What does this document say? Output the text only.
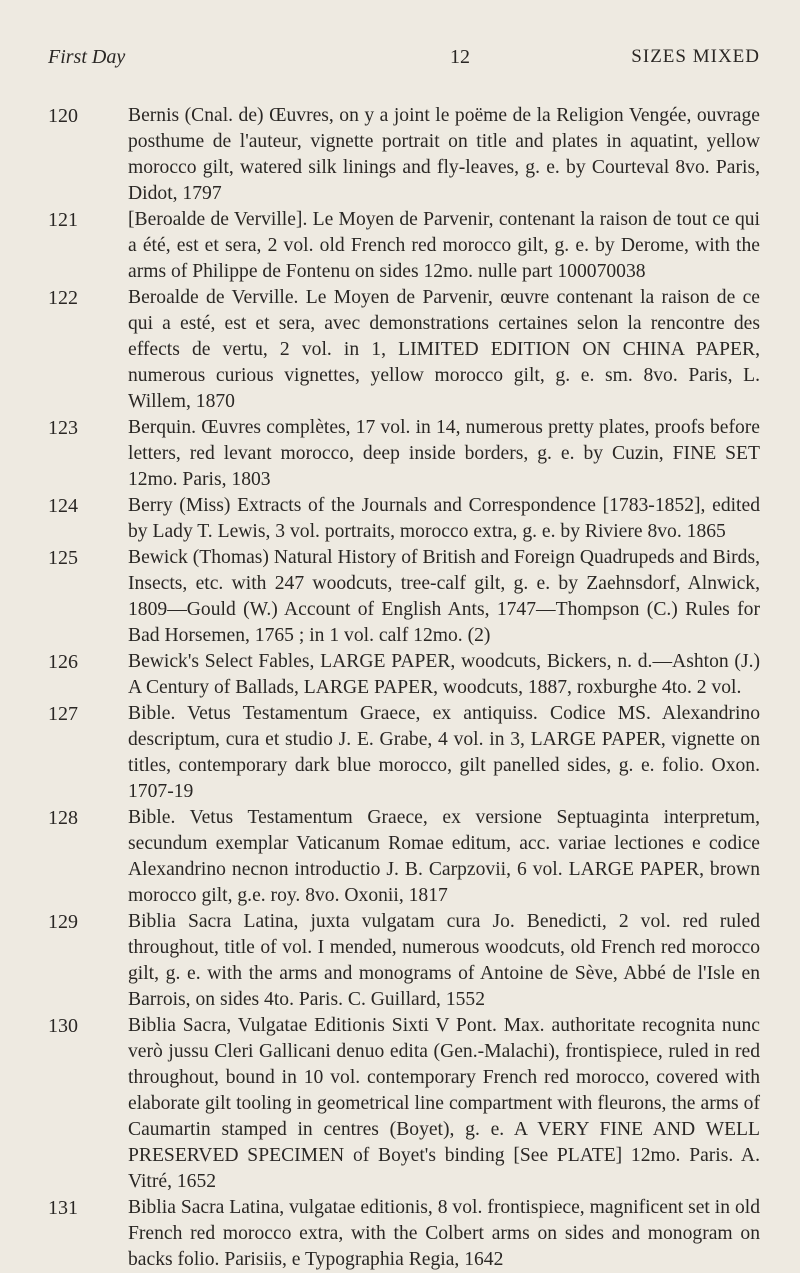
First Day	12	SIZES MIXED
120	Bernis (Cnal. de) Œuvres, on y a joint le poëme de la Religion Vengée, ouvrage posthume de l'auteur, vignette portrait on title and plates in aquatint, yellow morocco gilt, watered silk linings and fly-leaves, g. e. by Courteval 8vo. Paris, Didot, 1797
121	[Beroalde de Verville]. Le Moyen de Parvenir, contenant la raison de tout ce qui a été, est et sera, 2 vol. old French red morocco gilt, g. e. by Derome, with the arms of Philippe de Fontenu on sides 12mo. nulle part 100070038
122	Beroalde de Verville. Le Moyen de Parvenir, œuvre contenant la raison de ce qui a esté, est et sera, avec demonstrations certaines selon la rencontre des effects de vertu, 2 vol. in 1, LIMITED EDITION ON CHINA PAPER, numerous curious vignettes, yellow morocco gilt, g. e. sm. 8vo. Paris, L. Willem, 1870
123	Berquin. Œuvres complètes, 17 vol. in 14, numerous pretty plates, proofs before letters, red levant morocco, deep inside borders, g. e. by Cuzin, FINE SET 12mo. Paris, 1803
124	Berry (Miss) Extracts of the Journals and Correspondence [1783-1852], edited by Lady T. Lewis, 3 vol. portraits, morocco extra, g. e. by Riviere 8vo. 1865
125	Bewick (Thomas) Natural History of British and Foreign Quadrupeds and Birds, Insects, etc. with 247 woodcuts, tree-calf gilt, g. e. by Zaehnsdorf, Alnwick, 1809—Gould (W.) Account of English Ants, 1747—Thompson (C.) Rules for Bad Horsemen, 1765 ; in 1 vol. calf 12mo. (2)
126	Bewick's Select Fables, LARGE PAPER, woodcuts, Bickers, n. d.—Ashton (J.) A Century of Ballads, LARGE PAPER, woodcuts, 1887, roxburghe 4to. 2 vol.
127	Bible. Vetus Testamentum Graece, ex antiquiss. Codice MS. Alexandrino descriptum, cura et studio J. E. Grabe, 4 vol. in 3, LARGE PAPER, vignette on titles, contemporary dark blue morocco, gilt panelled sides, g. e. folio. Oxon. 1707-19
128	Bible. Vetus Testamentum Graece, ex versione Septuaginta interpretum, secundum exemplar Vaticanum Romae editum, acc. variae lectiones e codice Alexandrino necnon introductio J. B. Carpzovii, 6 vol. LARGE PAPER, brown morocco gilt, g.e. roy. 8vo. Oxonii, 1817
129	Biblia Sacra Latina, juxta vulgatam cura Jo. Benedicti, 2 vol. red ruled throughout, title of vol. I mended, numerous woodcuts, old French red morocco gilt, g. e. with the arms and monograms of Antoine de Sève, Abbé de l'Isle en Barrois, on sides 4to. Paris. C. Guillard, 1552
130	Biblia Sacra, Vulgatae Editionis Sixti V Pont. Max. authoritate recognita nunc verò jussu Cleri Gallicani denuo edita (Gen.-Malachi), frontispiece, ruled in red throughout, bound in 10 vol. contemporary French red morocco, covered with elaborate gilt tooling in geometrical line compartment with fleurons, the arms of Caumartin stamped in centres (Boyet), g. e. A VERY FINE AND WELL PRESERVED SPECIMEN of Boyet's binding [See PLATE] 12mo. Paris. A. Vitré, 1652
131	Biblia Sacra Latina, vulgatae editionis, 8 vol. frontispiece, magnificent set in old French red morocco extra, with the Colbert arms on sides and monogram on backs folio. Parisiis, e Typographia Regia, 1642
